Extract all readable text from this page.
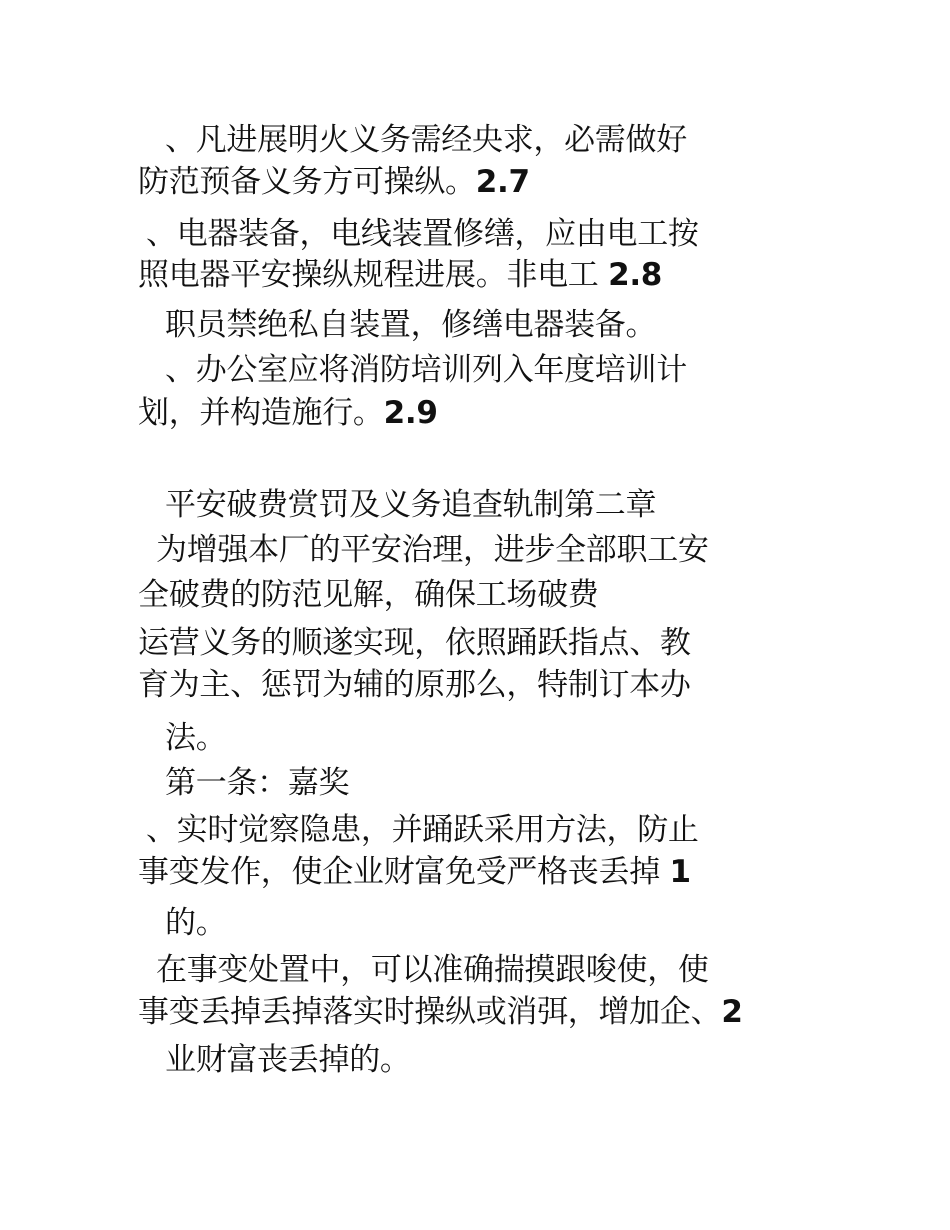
、凡进展明火义务需经央求，必需做好

防范预备义务方可操纵。2.7

、电器装备，电线装置修缮，应由电工按

照电器平安操纵规程进展。非电工 2.8

职员禁绝私自装置，修缮电器装备。

、办公室应将消防培训列入年度培训计

划，并构造施行。2.9

平安破费赏罚及义务追查轨制第二章

为增强本厂的平安治理，进步全部职工安

全破费的防范见解，确保工场破费

运营义务的顺遂实现，依照踊跃指点、教

育为主、惩罚为辅的原那么，特制订本办

法。

第一条：嘉奖

、实时觉察隐患，并踊跃采用方法，防止

事变发作，使企业财富免受严格丧丢掉 1

的。

在事变处置中，可以准确揣摸跟唆使，使

事变丢掉丢掉落实时操纵或消弭，增加企、2

业财富丧丢掉的。
